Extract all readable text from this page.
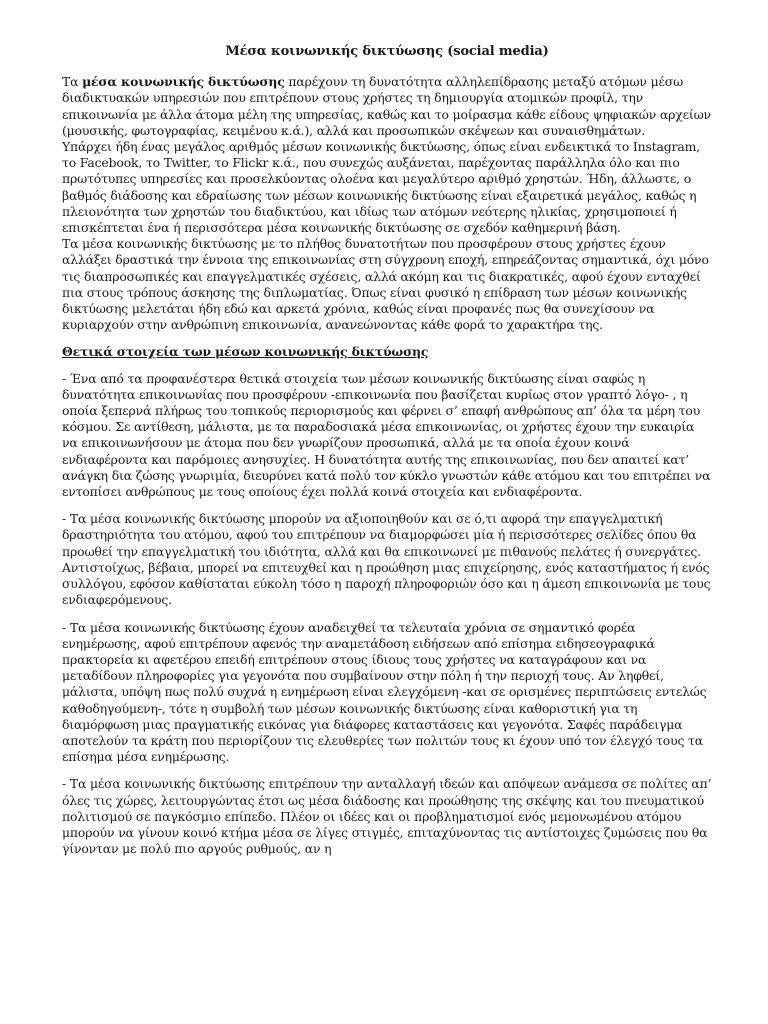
Μέσα κοινωνικής δικτύωσης (social media)

Τα μέσα κοινωνικής δικτύωσης παρέχουν τη δυνατότητα αλληλεπίδρασης μεταξύ ατόμων μέσω διαδικτυακών υπηρεσιών που επιτρέπουν στους χρήστες τη δημιουργία ατομικών προφίλ, την επικοινωνία με άλλα άτομα μέλη της υπηρεσίας, καθώς και το μοίρασμα κάθε είδους ψηφιακών αρχείων (μουσικής, φωτογραφίας, κειμένου κ.ά.), αλλά και προσωπικών σκέψεων και συναισθημάτων.

Υπάρχει ήδη ένας μεγάλος αριθμός μέσων κοινωνικής δικτύωσης, όπως είναι ενδεικτικά το Instagram, το Facebook, το Twitter, το Flickr κ.ά., που συνεχώς αυξάνεται, παρέχοντας παράλληλα όλο και πιο πρωτότυπες υπηρεσίες και προσελκύοντας ολοένα και μεγαλύτερο αριθμό χρηστών. Ήδη, άλλωστε, ο βαθμός διάδοσης και εδραίωσης των μέσων κοινωνικής δικτύωσης είναι εξαιρετικά μεγάλος, καθώς η πλειονότητα των χρηστών του διαδικτύου, και ιδίως των ατόμων νεότερης ηλικίας, χρησιμοποιεί ή επισκέπτεται ένα ή περισσότερα μέσα κοινωνικής δικτύωσης σε σχεδόν καθημερινή βάση.

Τα μέσα κοινωνικής δικτύωσης με το πλήθος δυνατοτήτων που προσφέρουν στους χρήστες έχουν αλλάξει δραστικά την έννοια της επικοινωνίας στη σύγχρονη εποχή, επηρεάζοντας σημαντικά, όχι μόνο τις διαπροσωπικές και επαγγελματικές σχέσεις, αλλά ακόμη και τις διακρατικές, αφού έχουν ενταχθεί πια στους τρόπους άσκησης της διπλωματίας. Όπως είναι φυσικό η επίδραση των μέσων κοινωνικής δικτύωσης μελετάται ήδη εδώ και αρκετά χρόνια, καθώς είναι προφανές πως θα συνεχίσουν να κυριαρχούν στην ανθρώπινη επικοινωνία, ανανεώνοντας κάθε φορά το χαρακτήρα της.

Θετικά στοιχεία των μέσων κοινωνικής δικτύωσης

- Ένα από τα προφανέστερα θετικά στοιχεία των μέσων κοινωνικής δικτύωσης είναι σαφώς η δυνατότητα επικοινωνίας που προσφέρουν -επικοινωνία που βασίζεται κυρίως στον γραπτό λόγο- , η οποία ξεπερνά πλήρως του τοπικούς περιορισμούς και φέρνει σ’ επαφή ανθρώπους απ’ όλα τα μέρη του κόσμου. Σε αντίθεση, μάλιστα, με τα παραδοσιακά μέσα επικοινωνίας, οι χρήστες έχουν την ευκαιρία να επικοινωνήσουν με άτομα που δεν γνωρίζουν προσωπικά, αλλά με τα οποία έχουν κοινά ενδιαφέροντα και παρόμοιες ανησυχίες. Η δυνατότητα αυτής της επικοινωνίας, που δεν απαιτεί κατ’ ανάγκη δια ζώσης γνωριμία, διευρύνει κατά πολύ τον κύκλο γνωστών κάθε ατόμου και του επιτρέπει να εντοπίσει ανθρώπους με τους οποίους έχει πολλά κοινά στοιχεία και ενδιαφέροντα.

- Τα μέσα κοινωνικής δικτύωσης μπορούν να αξιοποιηθούν και σε ό,τι αφορά την επαγγελματική δραστηριότητα του ατόμου, αφού του επιτρέπουν να διαμορφώσει μία ή περισσότερες σελίδες όπου θα προωθεί την επαγγελματική του ιδιότητα, αλλά και θα επικοινωνεί με πιθανούς πελάτες ή συνεργάτες. Αντιστοίχως, βέβαια, μπορεί να επιτευχθεί και η προώθηση μιας επιχείρησης, ενός καταστήματος ή ενός συλλόγου, εφόσον καθίσταται εύκολη τόσο η παροχή πληροφοριών όσο και η άμεση επικοινωνία με τους ενδιαφερόμενους.

- Τα μέσα κοινωνικής δικτύωσης έχουν αναδειχθεί τα τελευταία χρόνια σε σημαντικό φορέα ενημέρωσης, αφού επιτρέπουν αφενός την αναμετάδοση ειδήσεων από επίσημα ειδησεογραφικά πρακτορεία κι αφετέρου επειδή επιτρέπουν στους ίδιους τους χρήστες να καταγράφουν και να μεταδίδουν πληροφορίες για γεγονότα που συμβαίνουν στην πόλη ή την περιοχή τους. Αν ληφθεί, μάλιστα, υπόψη πως πολύ συχνά η ενημέρωση είναι ελεγχόμενη -και σε ορισμένες περιπτώσεις εντελώς καθοδηγούμενη-, τότε η συμβολή των μέσων κοινωνικής δικτύωσης είναι καθοριστική για τη διαμόρφωση μιας πραγματικής εικόνας για διάφορες καταστάσεις και γεγονότα. Σαφές παράδειγμα αποτελούν τα κράτη που περιορίζουν τις ελευθερίες των πολιτών τους κι έχουν υπό τον έλεγχό τους τα επίσημα μέσα ενημέρωσης.

- Τα μέσα κοινωνικής δικτύωσης επιτρέπουν την ανταλλαγή ιδεών και απόψεων ανάμεσα σε πολίτες απ’ όλες τις χώρες, λειτουργώντας έτσι ως μέσα διάδοσης και προώθησης της σκέψης και του πνευματικού πολιτισμού σε παγκόσμιο επίπεδο. Πλέον οι ιδέες και οι προβληματισμοί ενός μεμονωμένου ατόμου μπορούν να γίνουν κοινό κτήμα μέσα σε λίγες στιγμές, επιταχύνοντας τις αντίστοιχες ζυμώσεις που θα γίνονταν με πολύ πιο αργούς ρυθμούς, αν η
